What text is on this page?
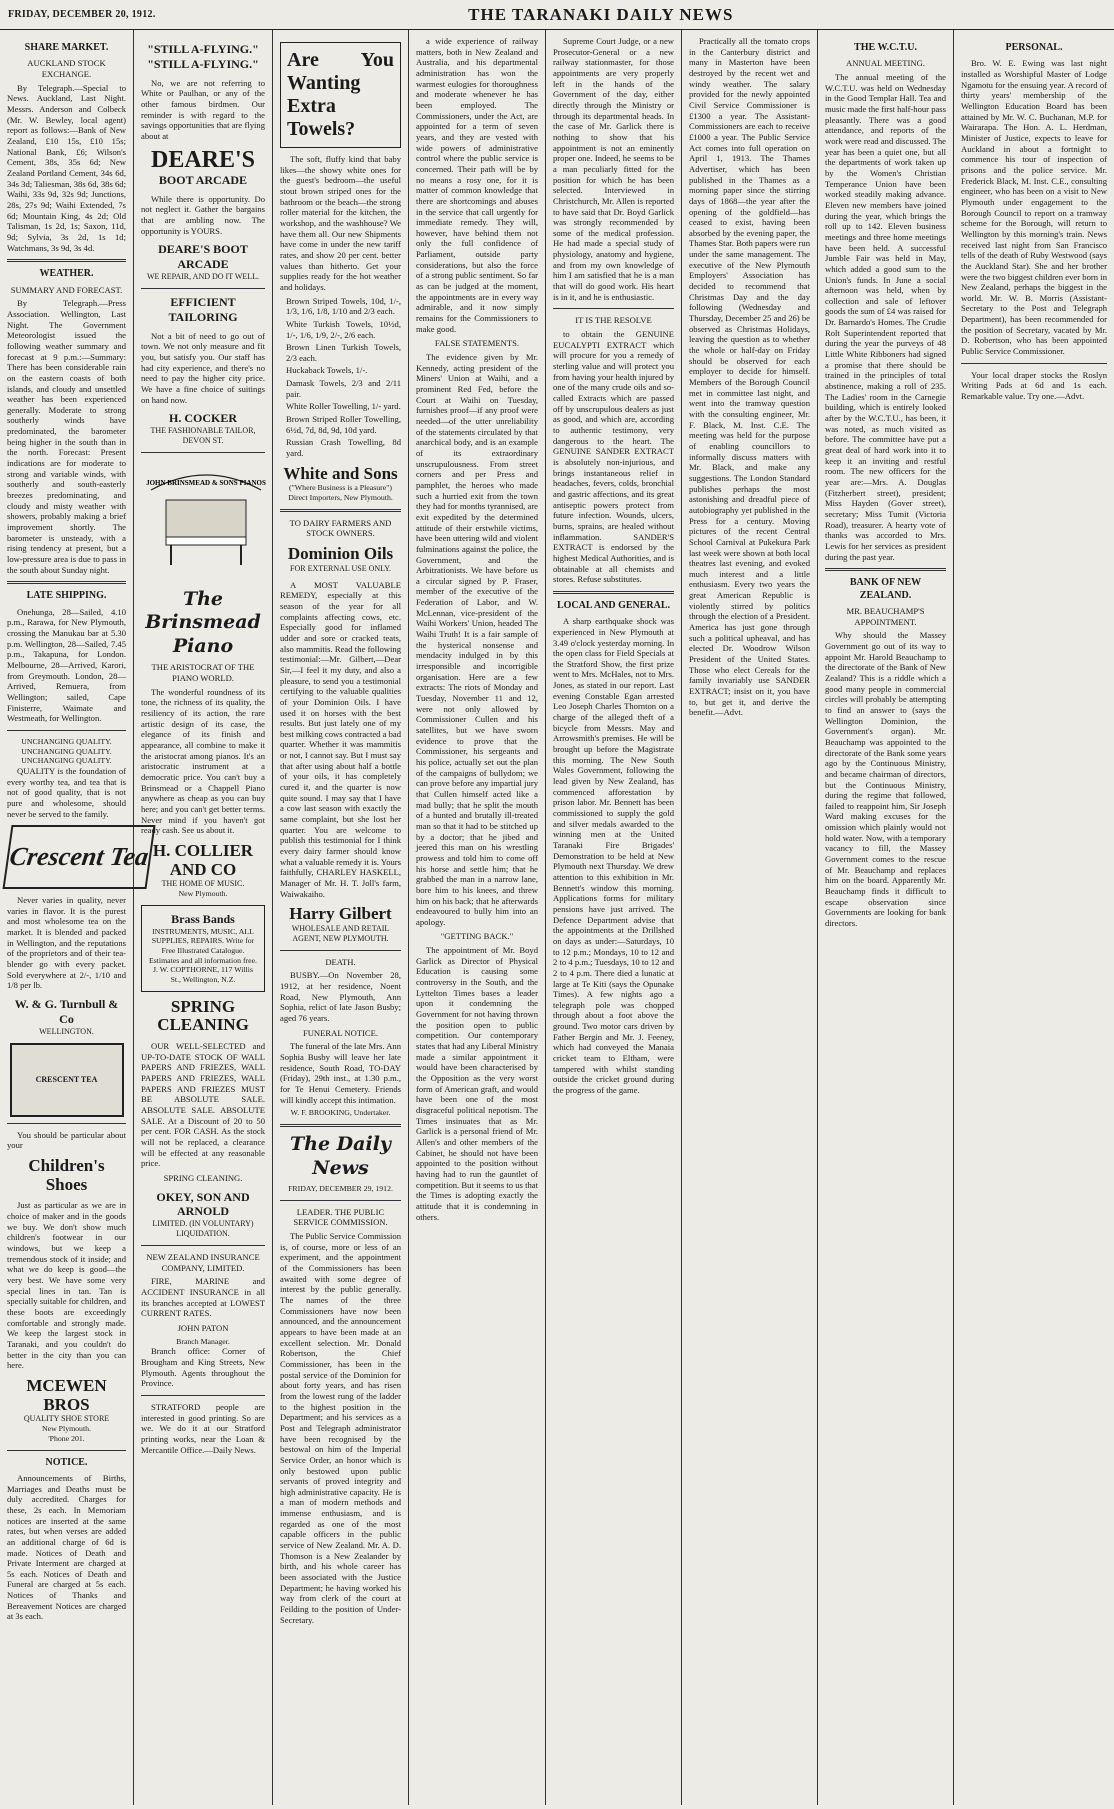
FRIDAY, DECEMBER 20, 1912.	THE TARANAKI DAILY NEWS
SHARE MARKET.
AUCKLAND STOCK EXCHANGE.

By Telegraph.—Special to News. Auckland, Last Night. Messrs. Anderson and Colbeck (Mr. W. Bewley, local agent) report as follows:—Bank of New Zealand, £10 15s, £10 15s; National Bank, £6; Wilson's Cement, 38s, 35s 6d; New Zealand Portland Cement, 34s 6d, 34s 3d; Taliesman, 38s 6d, 38s 6d; Waihi, 33s 9d, 32s 9d; Junctions, 28s, 27s 9d; Waihi Extended, 7s 6d; Mountain King, 4s 2d; Old Talisman, 1s 2d, 1s; Saxon, 11d, 9d; Sylvia, 3s 2d, 1s 1d; Watchmans, 3s 9d, 3s 4d.

WEATHER.
SUMMARY AND FORECAST.

By Telegraph.—Press Association. Wellington, Last Night. The Government Meteorologist issued the following weather summary and forecast at 9 p.m.:—Summary: There has been considerable rain on the eastern coasts of both islands, and cloudy and unsettled weather has been experienced generally. Moderate to strong southerly winds have predominated, the barometer being higher in the south than in the north. Forecast: Present indications are for moderate to strong and variable winds, with southerly and south-easterly breezes predominating, and cloudy and misty weather with showers, probably making a brief improvement shortly. The barometer is unsteady, with a rising tendency at present, but a low-pressure area is due to pass in the south about Sunday night.

LATE SHIPPING.

Onehunga, 28—Sailed, 4.10 p.m., Rarawa, for New Plymouth, crossing the Manukau bar at 5.30 p.m. Wellington, 28—Sailed, 7.45 p.m., Takapuna, for London. Melbourne, 28—Arrived, Karori, from Greymouth. London, 28—Arrived, Remuera, from Wellington; sailed, Cape Finisterre, Waimate and Westmeath, for Wellington.

UNCHANGING QUALITY.
UNCHANGING QUALITY.
UNCHANGING QUALITY.

QUALITY is the foundation of every worthy tea, and tea that is not of good quality, that is not pure and wholesome, should never be served to the family.

Crescent Tea

Never varies in quality, never varies in flavor. It is the purest and most wholesome tea on the market. It is blended and packed in Wellington, and the reputations of the proprietors and of their tea-blender go with every packet. Sold everywhere at 2/-, 1/10 and 1/8 per lb.

W. & G. Turnbull & Co
WELLINGTON.
CRESCENT TEA

You should be particular about your

Children's Shoes

Just as particular as we are in choice of maker and in the goods we buy. We don't show much children's footwear in our windows, but we keep a tremendous stock of it inside; and what we do keep is good—the very best. We have some very special lines in tan. Tan is specially suitable for children, and these boots are exceedingly comfortable and strongly made. We keep the largest stock in Taranaki, and you couldn't do better in the city than you can here.

MCEWEN BROS
QUALITY SHOE STORE
New Plymouth.
'Phone 201.
NOTICE.

Announcements of Births, Marriages and Deaths must be duly accredited. Charges for these, 2s each. In Memoriam notices are inserted at the same rates, but when verses are added an additional charge of 6d is made. Notices of Death and Private Interment are charged at 5s each. Notices of Death and Funeral are charged at 5s each. Notices of Thanks and Bereavement Notices are charged at 3s each.

"STILL A-FLYING."
"STILL A-FLYING."

No, we are not referring to White or Paulhan, or any of the other famous birdmen. Our reminder is with regard to the savings opportunities that are flying about at

DEARE'S
BOOT ARCADE

While there is opportunity. Do not neglect it. Gather the bargains that are ambling now. The opportunity is YOURS.

DEARE'S BOOT ARCADE
WE REPAIR, AND DO IT WELL.
EFFICIENT TAILORING

Not a bit of need to go out of town. We not only measure and fit you, but satisfy you. Our staff has had city experience, and there's no need to pay the higher city price. We have a fine choice of suitings on hand now.

H. COCKER
THE FASHIONABLE TAILOR, DEVON ST.
JOHN BRINSMEAD & SONS PIANOS
The Brinsmead Piano
THE ARISTOCRAT OF THE PIANO WORLD.

The wonderful roundness of its tone, the richness of its quality, the resiliency of its action, the rare artistic design of its case, the elegance of its finish and appearance, all combine to make it the aristocrat among pianos. It's an aristocratic instrument at a democratic price. You can't buy a Brinsmead or a Chappell Piano anywhere as cheap as you can buy here; and you can't get better terms. Never mind if you haven't got ready cash. See us about it.

H. COLLIER AND CO
THE HOME OF MUSIC.
New Plymouth.
Brass Bands
INSTRUMENTS, MUSIC, ALL SUPPLIES, REPAIRS. Write for Free Illustrated Catalogue. Estimates and all information free. J. W. COPTHORNE, 117 Willis St., Wellington, N.Z.
SPRING CLEANING

OUR WELL-SELECTED and UP-TO-DATE STOCK OF WALL PAPERS AND FRIEZES, WALL PAPERS AND FRIEZES, WALL PAPERS AND FRIEZES MUST BE ABSOLUTE SALE. ABSOLUTE SALE. ABSOLUTE SALE. At a Discount of 20 to 50 per cent. FOR CASH. As the stock will not be replaced, a clearance will be effected at any reasonable price.

SPRING CLEANING.
OKEY, SON AND ARNOLD
LIMITED. (IN VOLUNTARY) LIQUIDATION.
NEW ZEALAND INSURANCE COMPANY, LIMITED.

FIRE, MARINE and ACCIDENT INSURANCE in all its branches accepted at LOWEST CURRENT RATES.

JOHN PATON
Branch Manager.

Branch office: Corner of Brougham and King Streets, New Plymouth. Agents throughout the Province.

STRATFORD people are interested in good printing. So are we. We do it at our Stratford printing works, near the Loan & Mercantile Office.—Daily News.

Are You Wanting Extra Towels?

The soft, fluffy kind that baby likes—the showy white ones for the guest's bedroom—the useful stout brown striped ones for the bathroom or the beach—the strong roller material for the kitchen, the workshop, and the washhouse? We have them all. Our new Shipments have come in under the new tariff rates, and show 20 per cent. better values than hitherto. Get your supplies ready for the hot weather and holidays.

Brown Striped Towels, 10d, 1/-, 1/3, 1/6, 1/8, 1/10 and 2/3 each.
White Turkish Towels, 10½d, 1/-, 1/6, 1/9, 2/-, 2/6 each.
Brown Linen Turkish Towels, 2/3 each.
Huckaback Towels, 1/-.
Damask Towels, 2/3 and 2/11 pair.
White Roller Towelling, 1/- yard.
Brown Striped Roller Towelling, 6½d, 7d, 8d, 9d, 10d yard.
Russian Crash Towelling, 8d yard.
White and Sons
("Where Business is a Pleasure")
Direct Importers, New Plymouth.
TO DAIRY FARMERS AND STOCK OWNERS.
Dominion Oils
FOR EXTERNAL USE ONLY.

A MOST VALUABLE REMEDY, especially at this season of the year for all complaints affecting cows, etc. Especially good for inflamed udder and sore or cracked teats, also mammitis. Read the following testimonial:—Mr. Gilbert,—Dear Sir,—I feel it my duty, and also a pleasure, to send you a testimonial certifying to the valuable qualities of your Dominion Oils. I have used it on horses with the best results. But just lately one of my best milking cows contracted a bad quarter. Whether it was mammitis or not, I cannot say. But I must say that after using about half a bottle of your oils, it has completely cured it, and the quarter is now quite sound. I may say that I have a cow last season with exactly the same complaint, but she lost her quarter. You are welcome to publish this testimonial for I think every dairy farmer should know what a valuable remedy it is. Yours faithfully, CHARLEY HASKELL, Manager of Mr. H. T. Joll's farm, Waiwakaiho.

Harry Gilbert
WHOLESALE AND RETAIL AGENT, NEW PLYMOUTH.
DEATH.

BUSBY.—On November 28, 1912, at her residence, Noent Road, New Plymouth, Ann Sophia, relict of late Jason Busby; aged 76 years.

FUNERAL NOTICE.

The funeral of the late Mrs. Ann Sophia Busby will leave her late residence, South Road, TO-DAY (Friday), 29th inst., at 1.30 p.m., for Te Henui Cemetery. Friends will kindly accept this intimation.

W. F. BROOKING, Undertaker.
The Daily News
FRIDAY, DECEMBER 29, 1912.
LEADER. THE PUBLIC SERVICE COMMISSION.

The Public Service Commission is, of course, more or less of an experiment, and the appointment of the Commissioners has been awaited with some degree of interest by the public generally. The names of the three Commissioners have now been announced, and the announcement appears to have been made at an excellent selection. Mr. Donald Robertson, the Chief Commissioner, has been in the postal service of the Dominion for about forty years, and has risen from the lowest rung of the ladder to the highest position in the Department; and his services as a Post and Telegraph administrator have been recognised by the bestowal on him of the Imperial Service Order, an honor which is only bestowed upon public servants of proved integrity and high administrative capacity. He is a man of modern methods and immense enthusiasm, and is regarded as one of the most capable officers in the public service of New Zealand. Mr. A. D. Thomson is a New Zealander by birth, and his whole career has been associated with the Justice Department; he having worked his way from clerk of the court at Feilding to the position of Under-Secretary.

a wide experience of railway matters, both in New Zealand and Australia, and his departmental administration has won the warmest eulogies for thoroughness and moderate whenever he has been employed. The Commissioners, under the Act, are appointed for a term of seven years, and they are vested with wide powers of administrative control where the public service is concerned. Their path will be by no means a rosy one, for it is matter of common knowledge that there are shortcomings and abuses in the service that call urgently for immediate remedy. They will, however, have behind them not only the full confidence of Parliament, outside party considerations, but also the force of a strong public sentiment. So far as can be judged at the moment, the appointments are in every way admirable, and it now simply remains for the Commissioners to make good.

FALSE STATEMENTS.

The evidence given by Mr. Kennedy, acting president of the Miners' Union at Waihi, and a prominent Red Fed, before the Court at Waihi on Tuesday, furnishes proof—if any proof were needed—of the utter unreliability of the statements circulated by that anarchical body, and is an example of its extraordinary unscrupulousness. From street corners and per Press and pamphlet, the heroes who made such a hurried exit from the town they had for months tyrannised, are exit expedited by the determined attitude of their erstwhile victims, have been uttering wild and violent fulminations against the police, the Government, and the Arbitrationists. We have before us a circular signed by P. Fraser, member of the executive of the Federation of Labor, and W. McLennan, vice-president of the Waihi Workers' Union, headed The Waihi Truth! It is a fair sample of the hysterical nonsense and mendacity indulged in by this irresponsible and incorrigible organisation. Here are a few extracts: The riots of Monday and Tuesday, November 11 and 12, were not only allowed by Commissioner Cullen and his satellites, but we have sworn evidence to prove that the Commissioner, his sergeants and his police, actually set out the plan of the campaigns of bullydom; we can prove before any impartial jury that Cullen himself acted like a mad bully; that he split the mouth of a hunted and brutally ill-treated man so that it had to be stitched up by a doctor; that he jibed and jeered this man on his wrestling prowess and told him to come off his horse and settle him; that he grabbed the man in a narrow lane, bore him to his knees, and threw him on his back; that he afterwards endeavoured to bully him into an apology.

"GETTING BACK."

The appointment of Mr. Boyd Garlick as Director of Physical Education is causing some controversy in the South, and the Lyttelton Times bases a leader upon it condemning the Government for not having thrown the position open to public competition. Our contemporary states that had any Liberal Ministry made a similar appointment it would have been characterised by the Opposition as the very worst form of American graft, and would have been one of the most disgraceful political nepotism. The Times insinuates that as Mr. Garlick is a personal friend of Mr. Allen's and other members of the Cabinet, he should not have been appointed to the position without having had to run the gauntlet of competition. But it seems to us that the Times is adopting exactly the attitude that it is condemning in others.

Supreme Court Judge, or a new Prosecutor-General or a new railway stationmaster, for those appointments are very properly left in the hands of the Government of the day, either directly through the Ministry or through its departmental heads. In the case of Mr. Garlick there is nothing to show that his appointment is not an eminently proper one. Indeed, he seems to be a man peculiarly fitted for the position for which he has been selected. Interviewed in Christchurch, Mr. Allen is reported to have said that Dr. Boyd Garlick was strongly recommended by some of the medical profession. He had made a special study of physiology, anatomy and hygiene, and from my own knowledge of him I am satisfied that he is a man that will do good work. His heart is in it, and he is enthusiastic.

IT IS THE RESOLVE

to obtain the GENUINE EUCALYPTI EXTRACT which will procure for you a remedy of sterling value and will protect you from having your health injured by one of the many crude oils and so-called Extracts which are passed off by unscrupulous dealers as just as good, and which are, according to authentic testimony, very dangerous to the heart. The GENUINE SANDER EXTRACT is absolutely non-injurious, and brings instantaneous relief in headaches, fevers, colds, bronchial and gastric affections, and its great antiseptic powers protect from future infection. Wounds, ulcers, burns, sprains, are healed without inflammation. SANDER'S EXTRACT is endorsed by the highest Medical Authorities, and is obtainable at all chemists and stores. Refuse substitutes.

LOCAL AND GENERAL.

A sharp earthquake shock was experienced in New Plymouth at 3.49 o'clock yesterday morning. In the open class for Field Specials at the Stratford Show, the first prize went to Mrs. McHales, not to Mrs. Jones, as stated in our report. Last evening Constable Egan arrested Leo Joseph Charles Thornton on a charge of the alleged theft of a bicycle from Messrs. May and Arrowsmith's premises. He will be brought up before the Magistrate this morning. The New South Wales Government, following the lead given by New Zealand, has commenced afforestation by prison labor. Mr. Bennett has been commissioned to supply the gold and silver medals awarded to the winning men at the United Taranaki Fire Brigades' Demonstration to be held at New Plymouth next Thursday. We drew attention to this exhibition in Mr. Bennett's window this morning. Applications forms for military pensions have just arrived. The Defence Department advise that the appointments at the Drillshed on days as under:—Saturdays, 10 to 12 p.m.; Mondays, 10 to 12 and 2 to 4 p.m.; Tuesdays, 10 to 12 and 2 to 4 p.m. There died a lunatic at large at Te Kiti (says the Opunake Times). A few nights ago a telegraph pole was chopped through about a foot above the ground. Two motor cars driven by Father Bergin and Mr. J. Feeney, which had conveyed the Manaia cricket team to Eltham, were tampered with whilst standing outside the cricket ground during the progress of the game.

Practically all the tomato crops in the Canterbury district and many in Masterton have been destroyed by the recent wet and windy weather. The salary provided for the newly appointed Civil Service Commissioner is £1300 a year. The Assistant-Commissioners are each to receive £1000 a year. The Public Service Act comes into full operation on April 1, 1913. The Thames Advertiser, which has been published in the Thames as a morning paper since the stirring days of 1868—the year after the opening of the goldfield—has ceased to exist, having been absorbed by the evening paper, the Thames Star. Both papers were run under the same management. The executive of the New Plymouth Employers' Association has decided to recommend that Christmas Day and the day following (Wednesday and Thursday, December 25 and 26) be observed as Christmas Holidays, leaving the question as to whether the whole or half-day on Friday should be observed for each employer to decide for himself. Members of the Borough Council met in committee last night, and went into the tramway question with the consulting engineer, Mr. F. Black, M. Inst. C.E. The meeting was held for the purpose of enabling councillors to informally discuss matters with Mr. Black, and make any suggestions. The London Standard publishes perhaps the most astonishing and dreadful piece of autobiography yet published in the Press for a century. Moving pictures of the recent Central School Carnival at Pukekura Park last week were shown at both local theatres last evening, and evoked much interest and a little enthusiasm. Every two years the great American Republic is violently stirred by politics through the election of a President. America has just gone through such a political upheaval, and has elected Dr. Woodrow Wilson President of the United States. Those who elect Cereals for the family invariably use SANDER EXTRACT; insist on it, you have to, but get it, and derive the benefit.—Advt.

THE W.C.T.U.
ANNUAL MEETING.

The annual meeting of the W.C.T.U. was held on Wednesday in the Good Templar Hall. Tea and music made the first half-hour pass pleasantly. There was a good attendance, and reports of the work were read and discussed. The year has been a quiet one, but all the departments of work taken up by the Women's Christian Temperance Union have been worked steadily making advance. Eleven new members have joined during the year, which brings the roll up to 142. Eleven business meetings and three home meetings have been held. A successful Jumble Fair was held in May, which added a good sum to the Union's funds. In June a social afternoon was held, when by collection and sale of leftover goods the sum of £4 was raised for Dr. Barnardo's Homes. The Crudie Rolt Superintendent reported that during the year the purveys of 48 Little White Ribboners had signed a promise that there should be trained in the principles of total abstinence, making a roll of 235. The Ladies' room in the Carnegie building, which is entirely looked after by the W.C.T.U., has been, it was noted, as much visited as before. The committee have put a great deal of hard work into it to keep it an inviting and restful room. The new officers for the year are:—Mrs. A. Douglas (Fitzherbert street), president; Miss Hayden (Gover street), secretary; Miss Tumit (Victoria Road), treasurer. A hearty vote of thanks was accorded to Mrs. Lewis for her services as president during the past year.

BANK OF NEW ZEALAND.
MR. BEAUCHAMP'S APPOINTMENT.

Why should the Massey Government go out of its way to appoint Mr. Harold Beauchamp to the directorate of the Bank of New Zealand? This is a riddle which a good many people in commercial circles will probably be attempting to find an answer to (says the Wellington Dominion, the Government's organ). Mr. Beauchamp was appointed to the directorate of the Bank some years ago by the Continuous Ministry, and became chairman of directors, but the Continuous Ministry, during the regime that followed, failed to reappoint him, Sir Joseph Ward making excuses for the omission which plainly would not hold water. Now, with a temporary vacancy to fill, the Massey Government comes to the rescue of Mr. Beauchamp and replaces him on the board. Apparently Mr. Beauchamp finds it difficult to escape observation since Governments are looking for bank directors.

PERSONAL.

Bro. W. E. Ewing was last night installed as Worshipful Master of Lodge Ngamotu for the ensuing year. A record of thirty years' membership of the Wellington Education Board has been attained by Mr. W. C. Buchanan, M.P. for Wairarapa. The Hon. A. L. Herdman, Minister of Justice, expects to leave for Auckland in about a fortnight to commence his tour of inspection of prisons and the police service. Mr. Frederick Black, M. Inst. C.E., consulting engineer, who has been on a visit to New Plymouth under engagement to the Borough Council to report on a tramway scheme for the Borough, will return to Wellington by this morning's train. News received last night from San Francisco tells of the death of Ruby Westwood (says the Auckland Star). She and her brother were the two biggest children ever born in New Zealand, perhaps the biggest in the world. Mr. W. B. Morris (Assistant-Secretary to the Post and Telegraph Department), has been recommended for the position of Secretary, vacated by Mr. D. Robertson, who has been appointed Public Service Commissioner.

Your local draper stocks the Roslyn Writing Pads at 6d and 1s each. Remarkable value. Try one.—Advt.
